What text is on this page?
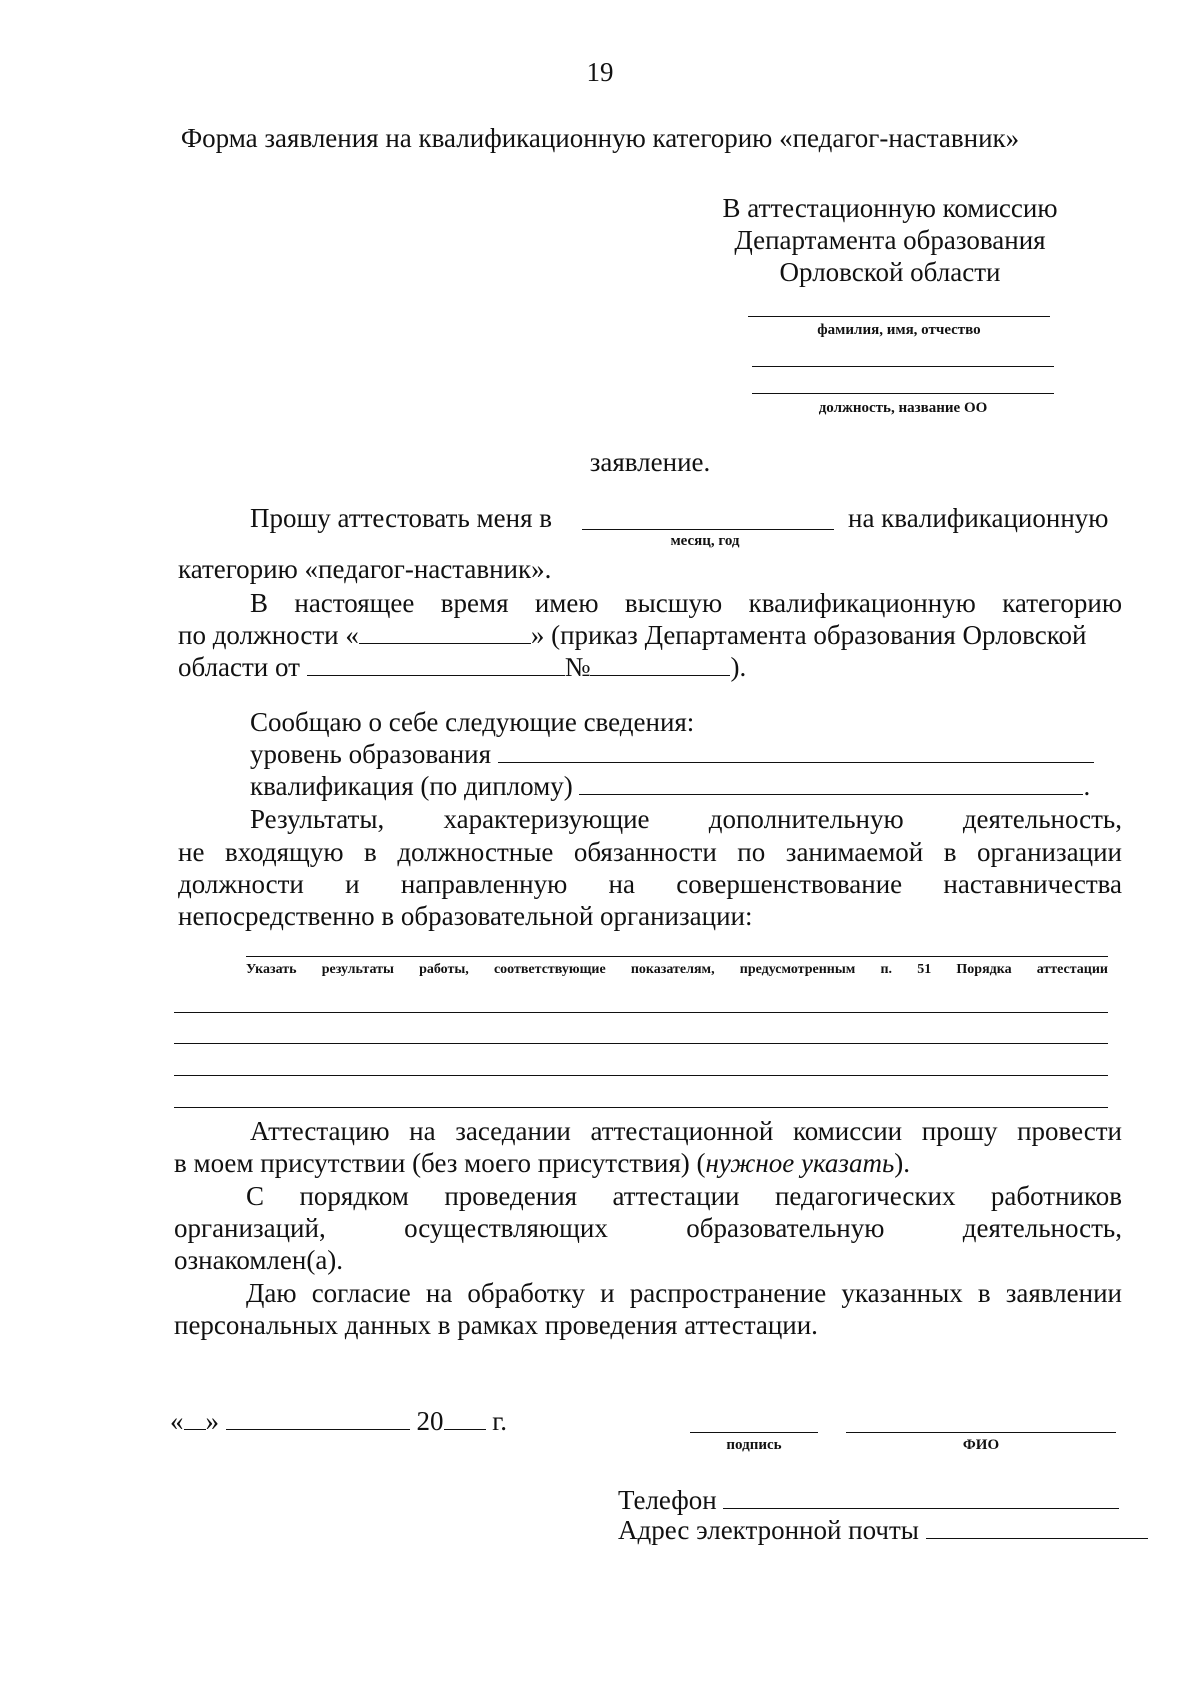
19
Форма заявления на квалификационную категорию «педагог-наставник»
В аттестационную комиссию
Департамента образования
Орловской области
фамилия, имя, отчество
должность, название ОО
заявление.
Прошу аттестовать меня в
месяц, год
на квалификационную
категорию «педагог-наставник».
В настоящее время имею высшую квалификационную категорию
по должности «	» (приказ Департамента образования Орловской
области от	№	).
Сообщаю о себе следующие сведения:
уровень образования
квалификация (по диплому)	.
Результаты, характеризующие дополнительную деятельность,
не входящую в должностные обязанности по занимаемой в организации
должности и направленную на совершенствование наставничества
непосредственно в образовательной организации:
Указать результаты работы, соответствующие показателям, предусмотренным п. 51 Порядка аттестации
Аттестацию на заседании аттестационной комиссии прошу провести
в моем присутствии (без моего присутствия) (нужное указать).
С порядком проведения аттестации педагогических работников
организаций, осуществляющих образовательную деятельность,
ознакомлен(а).
Даю согласие на обработку и распространение указанных в заявлении
персональных данных в рамках проведения аттестации.
« »	20 г.
подпись	ФИО
Телефон
Адрес электронной почты
